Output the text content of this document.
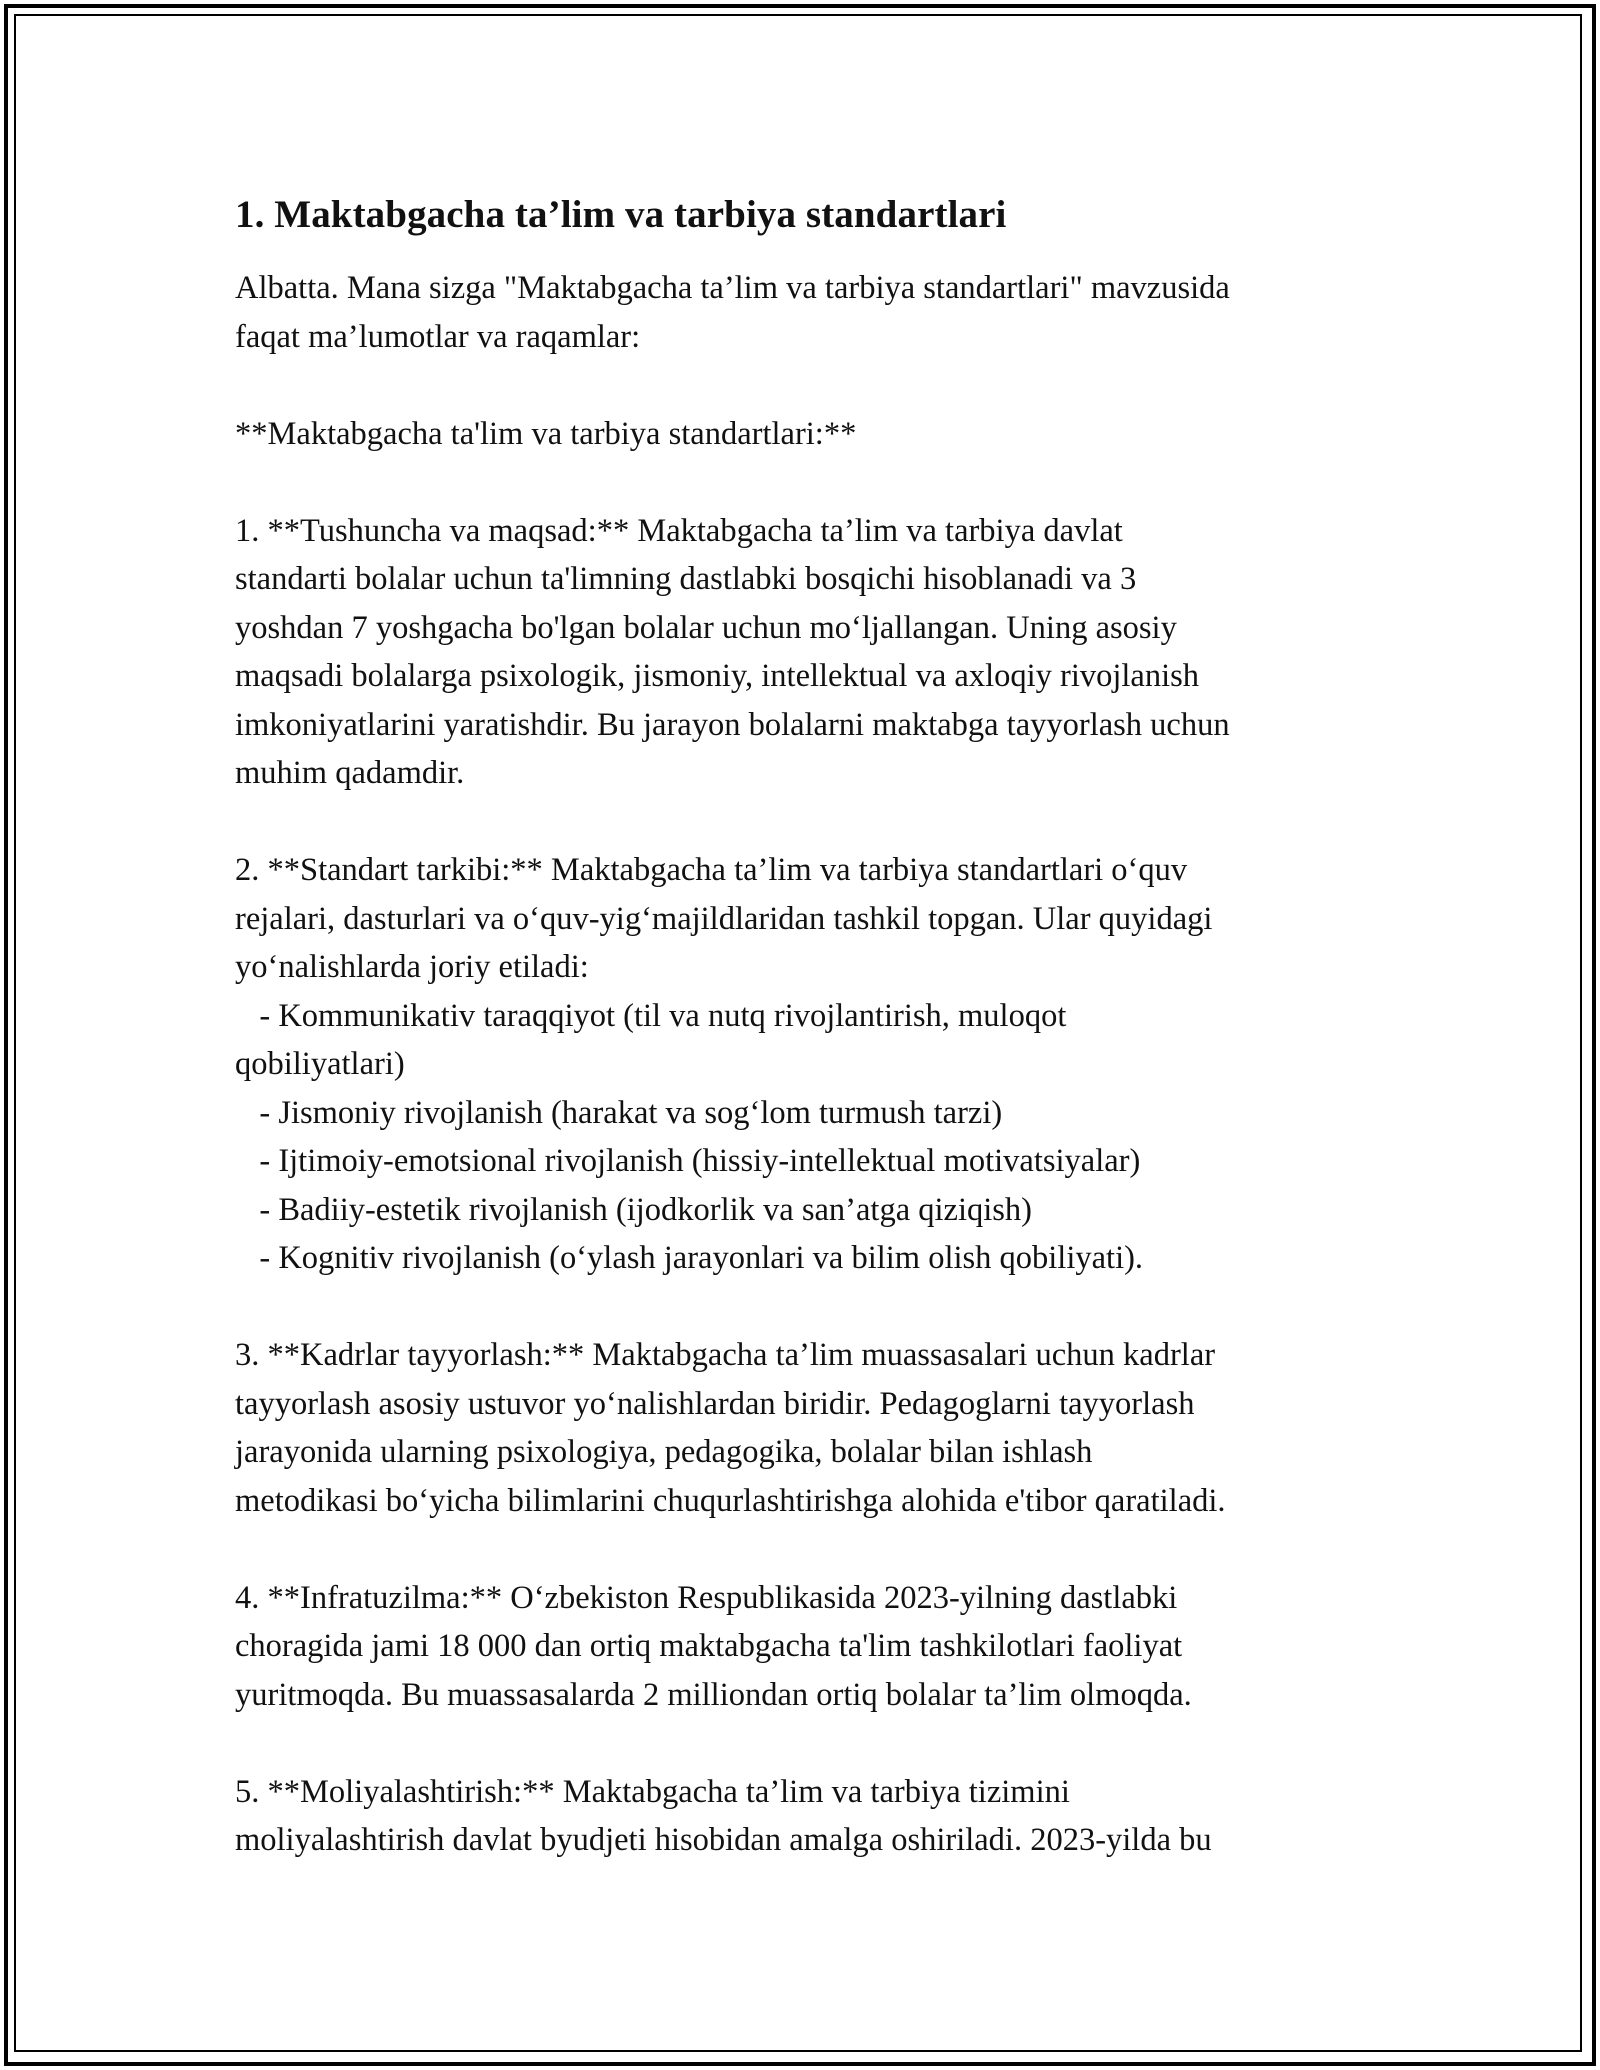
1. Maktabgacha ta’lim va tarbiya standartlari
Albatta. Mana sizga "Maktabgacha ta’lim va tarbiya standartlari" mavzusida
faqat ma’lumotlar va raqamlar:
**Maktabgacha ta'lim va tarbiya standartlari:**
1. **Tushuncha va maqsad:** Maktabgacha ta’lim va tarbiya davlat
standarti bolalar uchun ta'limning dastlabki bosqichi hisoblanadi va 3
yoshdan 7 yoshgacha bo'lgan bolalar uchun mo‘ljallangan. Uning asosiy
maqsadi bolalarga psixologik, jismoniy, intellektual va axloqiy rivojlanish
imkoniyatlarini yaratishdir. Bu jarayon bolalarni maktabga tayyorlash uchun
muhim qadamdir.
2. **Standart tarkibi:** Maktabgacha ta’lim va tarbiya standartlari o‘quv
rejalari, dasturlari va o‘quv-yig‘majildlaridan tashkil topgan. Ular quyidagi
yo‘nalishlarda joriy etiladi:
- Kommunikativ taraqqiyot (til va nutq rivojlantirish, muloqot
qobiliyatlari)
- Jismoniy rivojlanish (harakat va sog‘lom turmush tarzi)
- Ijtimoiy-emotsional rivojlanish (hissiy-intellektual motivatsiyalar)
- Badiiy-estetik rivojlanish (ijodkorlik va san’atga qiziqish)
- Kognitiv rivojlanish (o‘ylash jarayonlari va bilim olish qobiliyati).
3. **Kadrlar tayyorlash:** Maktabgacha ta’lim muassasalari uchun kadrlar
tayyorlash asosiy ustuvor yo‘nalishlardan biridir. Pedagoglarni tayyorlash
jarayonida ularning psixologiya, pedagogika, bolalar bilan ishlash
metodikasi bo‘yicha bilimlarini chuqurlashtirishga alohida e'tibor qaratiladi.
4. **Infratuzilma:** O‘zbekiston Respublikasida 2023-yilning dastlabki
choragida jami 18 000 dan ortiq maktabgacha ta'lim tashkilotlari faoliyat
yuritmoqda. Bu muassasalarda 2 milliondan ortiq bolalar ta’lim olmoqda.
5. **Moliyalashtirish:** Maktabgacha ta’lim va tarbiya tizimini
moliyalashtirish davlat byudjeti hisobidan amalga oshiriladi. 2023-yilda bu
